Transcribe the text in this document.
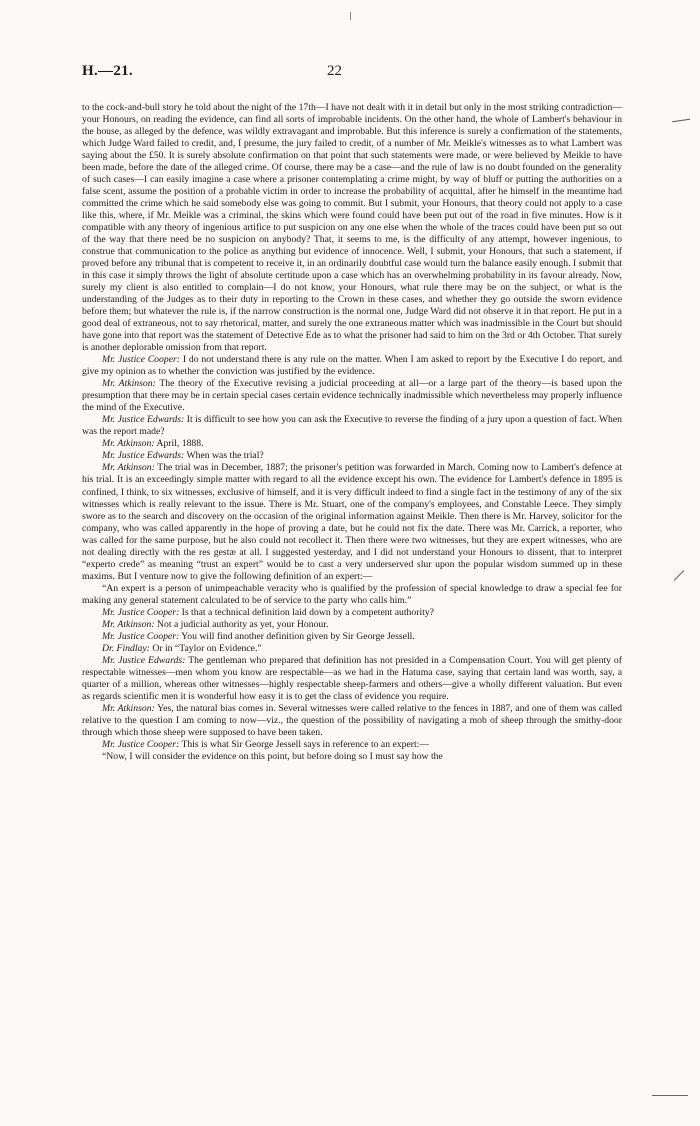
H.—21.	22

to the cock-and-bull story he told about the night of the 17th—I have not dealt with it in detail but only in the most striking contradiction—your Honours, on reading the evidence, can find all sorts of improbable incidents. On the other hand, the whole of Lambert's behaviour in the house, as alleged by the defence, was wildly extravagant and improbable. But this inference is surely a confirmation of the statements, which Judge Ward failed to credit, and, I presume, the jury failed to credit, of a number of Mr. Meikle's witnesses as to what Lambert was saying about the £50. It is surely absolute confirmation on that point that such statements were made, or were believed by Meikle to have been made, before the date of the alleged crime. Of course, there may be a case—and the rule of law is no doubt founded on the generality of such cases—I can easily imagine a case where a prisoner contemplating a crime might, by way of bluff or putting the authorities on a false scent, assume the position of a probable victim in order to increase the probability of acquittal, after he himself in the meantime had committed the crime which he said somebody else was going to commit. But I submit, your Honours, that theory could not apply to a case like this, where, if Mr. Meikle was a criminal, the skins which were found could have been put out of the road in five minutes. How is it compatible with any theory of ingenious artifice to put suspicion on any one else when the whole of the traces could have been put so out of the way that there need be no suspicion on anybody? That, it seems to me, is the difficulty of any attempt, however ingenious, to construe that communication to the police as anything but evidence of innocence. Well, I submit, your Honours, that such a statement, if proved before any tribunal that is competent to receive it, in an ordinarily doubtful case would turn the balance easily enough. I submit that in this case it simply throws the light of absolute certitude upon a case which has an overwhelming probability in its favour already. Now, surely my client is also entitled to complain—I do not know, your Honours, what rule there may be on the subject, or what is the understanding of the Judges as to their duty in reporting to the Crown in these cases, and whether they go outside the sworn evidence before them; but whatever the rule is, if the narrow construction is the normal one, Judge Ward did not observe it in that report. He put in a good deal of extraneous, not to say rhetorical, matter, and surely the one extraneous matter which was inadmissible in the Court but should have gone into that report was the statement of Detective Ede as to what the prisoner had said to him on the 3rd or 4th October. That surely is another deplorable omission from that report.

Mr. Justice Cooper: I do not understand there is any rule on the matter. When I am asked to report by the Executive I do report, and give my opinion as to whether the conviction was justified by the evidence.

Mr. Atkinson: The theory of the Executive revising a judicial proceeding at all—or a large part of the theory—is based upon the presumption that there may be in certain special cases certain evidence technically inadmissible which nevertheless may properly influence the mind of the Executive.

Mr. Justice Edwards: It is difficult to see how you can ask the Executive to reverse the finding of a jury upon a question of fact. When was the report made?

Mr. Atkinson: April, 1888.

Mr. Justice Edwards: When was the trial?

Mr. Atkinson: The trial was in December, 1887; the prisoner's petition was forwarded in March. Coming now to Lambert's defence at his trial. It is an exceedingly simple matter with regard to all the evidence except his own. The evidence for Lambert's defence in 1895 is confined, I think, to six witnesses, exclusive of himself, and it is very difficult indeed to find a single fact in the testimony of any of the six witnesses which is really relevant to the issue. There is Mr. Stuart, one of the company's employees, and Constable Leece. They simply swore as to the search and discovery on the occasion of the original information against Meikle. Then there is Mr. Harvey, solicitor for the company, who was called apparently in the hope of proving a date, but he could not fix the date. There was Mr. Carrick, a reporter, who was called for the same purpose, but he also could not recollect it. Then there were two witnesses, but they are expert witnesses, who are not dealing directly with the res gestæ at all. I suggested yesterday, and I did not understand your Honours to dissent, that to interpret “experto crede” as meaning “trust an expert” would be to cast a very underserved slur upon the popular wisdom summed up in these maxims. But I venture now to give the following definition of an expert:—

“An expert is a person of unimpeachable veracity who is qualified by the profession of special knowledge to draw a special fee for making any general statement calculated to be of service to the party who calls him.”

Mr. Justice Cooper: Is that a technical definition laid down by a competent authority?

Mr. Atkinson: Not a judicial authority as yet, your Honour.

Mr. Justice Cooper: You will find another definition given by Sir George Jessell.

Dr. Findlay: Or in “Taylor on Evidence.”

Mr. Justice Edwards: The gentleman who prepared that definition has not presided in a Compensation Court. You will get plenty of respectable witnesses—men whom you know are respectable—as we had in the Hatuma case, saying that certain land was worth, say, a quarter of a million, whereas other witnesses—highly respectable sheep-farmers and others—give a wholly different valuation. But even as regards scientific men it is wonderful how easy it is to get the class of evidence you require.

Mr. Atkinson: Yes, the natural bias comes in. Several witnesses were called relative to the fences in 1887, and one of them was called relative to the question I am coming to now—viz., the question of the possibility of navigating a mob of sheep through the smithy-door through which those sheep were supposed to have been taken.

Mr. Justice Cooper: This is what Sir George Jessell says in reference to an expert:—

“Now, I will consider the evidence on this point, but before doing so I must say how the
